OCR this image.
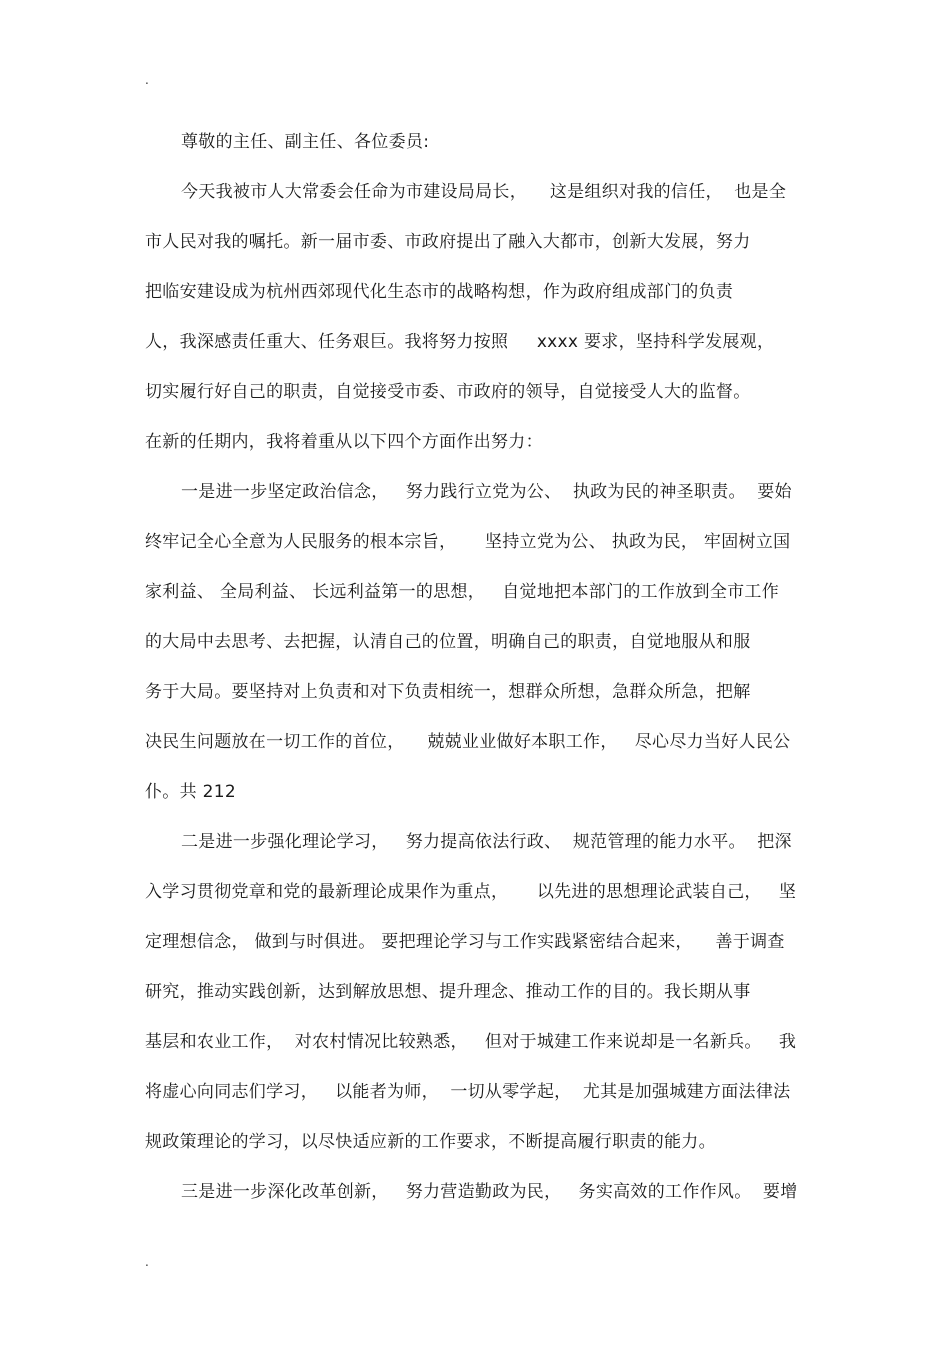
.
尊敬的主任、副主任、各位委员:
今天我被市人大常委会任命为市建设局局长，    这是组织对我的信任，  也是全
市人民对我的嘱托。新一届市委、市政府提出了融入大都市，创新大发展，努力
把临安建设成为杭州西郊现代化生态市的战略构想，作为政府组成部门的负责
人，我深感责任重大、任务艰巨。我将努力按照     xxxx 要求，坚持科学发展观，
切实履行好自己的职责，自觉接受市委、市政府的领导，自觉接受人大的监督。
在新的任期内，我将着重从以下四个方面作出努力：
一是进一步坚定政治信念，   努力践行立党为公、  执政为民的神圣职责。  要始
终牢记全心全意为人民服务的根本宗旨，     坚持立党为公、 执政为民， 牢固树立国
家利益、 全局利益、 长远利益第一的思想，   自觉地把本部门的工作放到全市工作
的大局中去思考、去把握，认清自己的位置，明确自己的职责，自觉地服从和服
务于大局。要坚持对上负责和对下负责相统一，想群众所想，急群众所急，把解
决民生问题放在一切工作的首位，    兢兢业业做好本职工作，   尽心尽力当好人民公
仆。共 212
二是进一步强化理论学习，   努力提高依法行政、  规范管理的能力水平。  把深
入学习贯彻党章和党的最新理论成果作为重点，     以先进的思想理论武装自己，   坚
定理想信念， 做到与时俱进。 要把理论学习与工作实践紧密结合起来，    善于调查
研究，推动实践创新，达到解放思想、提升理念、推动工作的目的。我长期从事
基层和农业工作，  对农村情况比较熟悉，   但对于城建工作来说却是一名新兵。   我
将虚心向同志们学习，   以能者为师，  一切从零学起，  尤其是加强城建方面法律法
规政策理论的学习，以尽快适应新的工作要求，不断提高履行职责的能力。
三是进一步深化改革创新，   努力营造勤政为民，   务实高效的工作作风。  要增
.
